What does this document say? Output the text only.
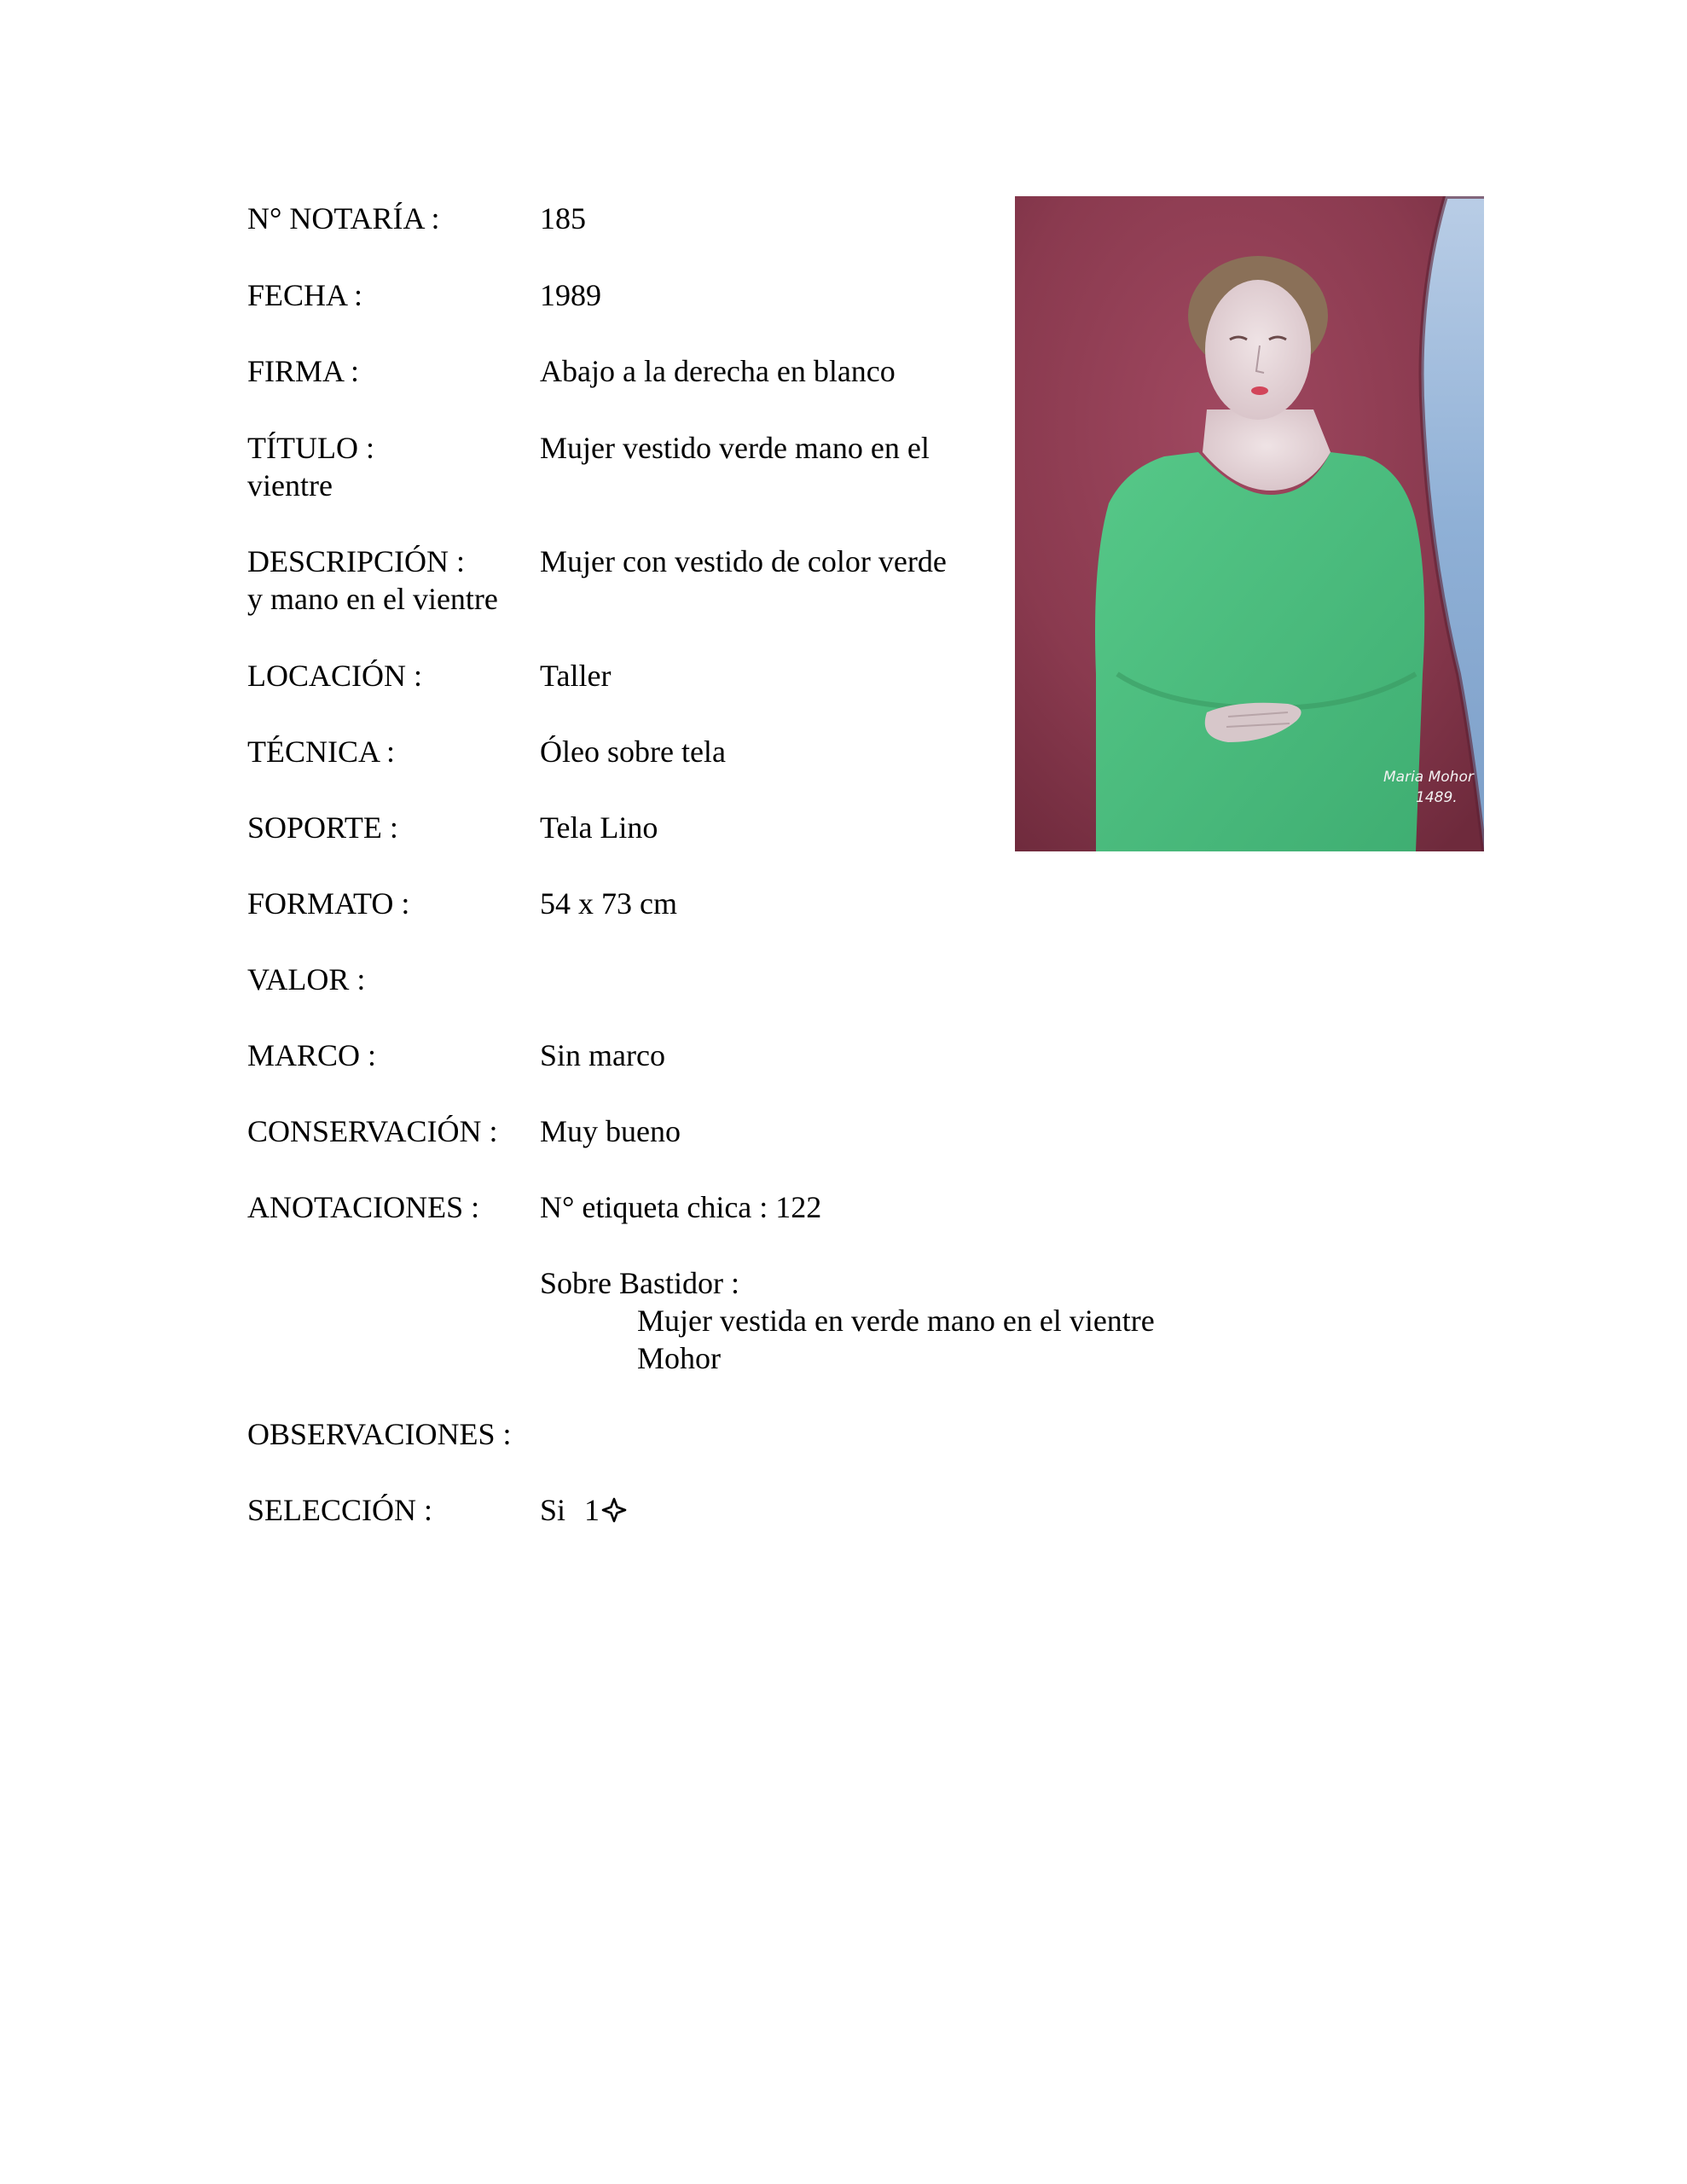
N° NOTARÍA :	185
FECHA :	1989
FIRMA :	Abajo a la derecha en blanco
TÍTULO :	Mujer vestido verde mano en el
vientre
DESCRIPCIÓN : Mujer con vestido de color verde
y mano en el vientre
LOCACIÓN :	Taller
TÉCNICA :	Óleo sobre tela
SOPORTE :	Tela Lino
FORMATO :	54 x 73 cm
VALOR :
MARCO :	Sin marco
CONSERVACIÓN : Muy bueno
ANOTACIONES : N° etiqueta chica : 122
Sobre Bastidor :
Mujer vestida en verde mano en el vientre
Mohor
OBSERVACIONES :
SELECCIÓN :	Si 1
Maria Mohor
1489.
